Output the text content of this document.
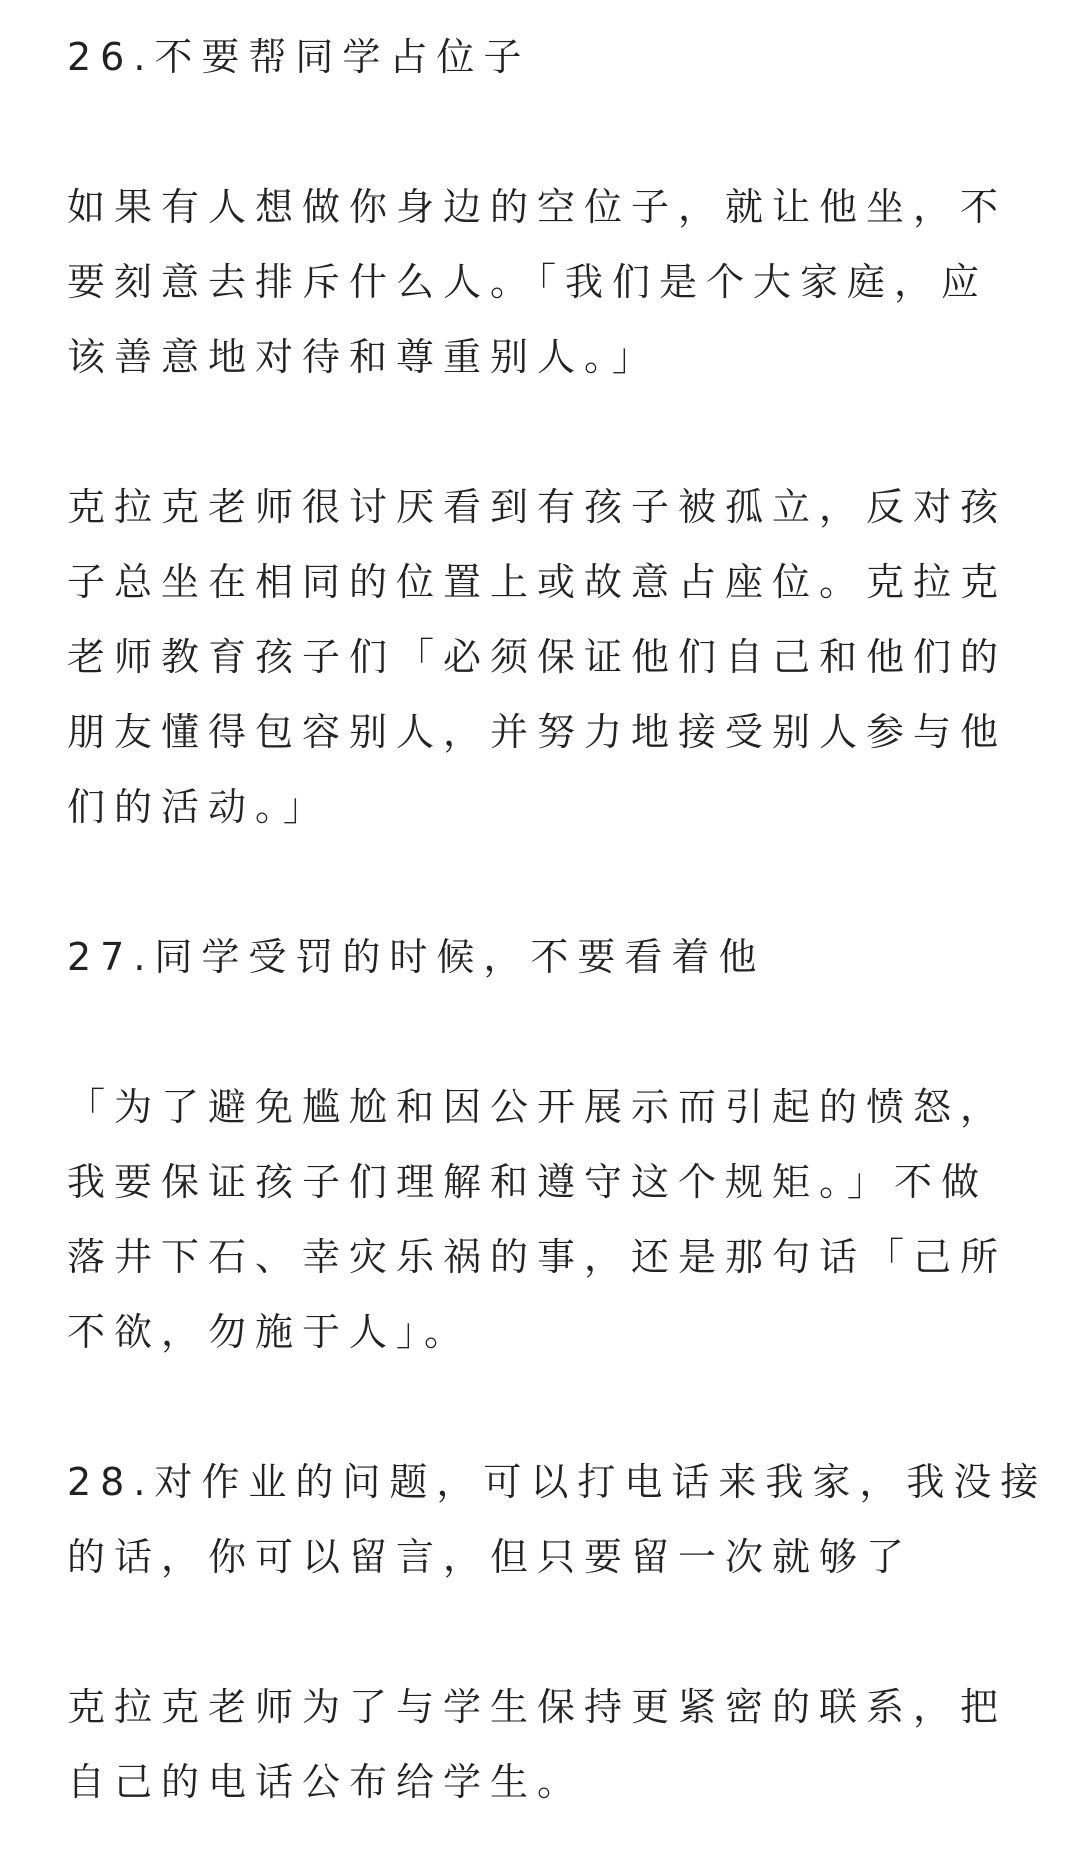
26.不要帮同学占位子

如果有人想做你身边的空位子，就让他坐，不
要刻意去排斥什么人。「我们是个大家庭，应
该善意地对待和尊重别人。」

克拉克老师很讨厌看到有孩子被孤立，反对孩
子总坐在相同的位置上或故意占座位。克拉克
老师教育孩子们「必须保证他们自己和他们的
朋友懂得包容别人，并努力地接受别人参与他
们的活动。」

27.同学受罚的时候，不要看着他

「为了避免尴尬和因公开展示而引起的愤怒，
我要保证孩子们理解和遵守这个规矩。」不做
落井下石、幸灾乐祸的事，还是那句话「己所
不欲，勿施于人」。

28.对作业的问题，可以打电话来我家，我没接
的话，你可以留言，但只要留一次就够了

克拉克老师为了与学生保持更紧密的联系，把
自己的电话公布给学生。
